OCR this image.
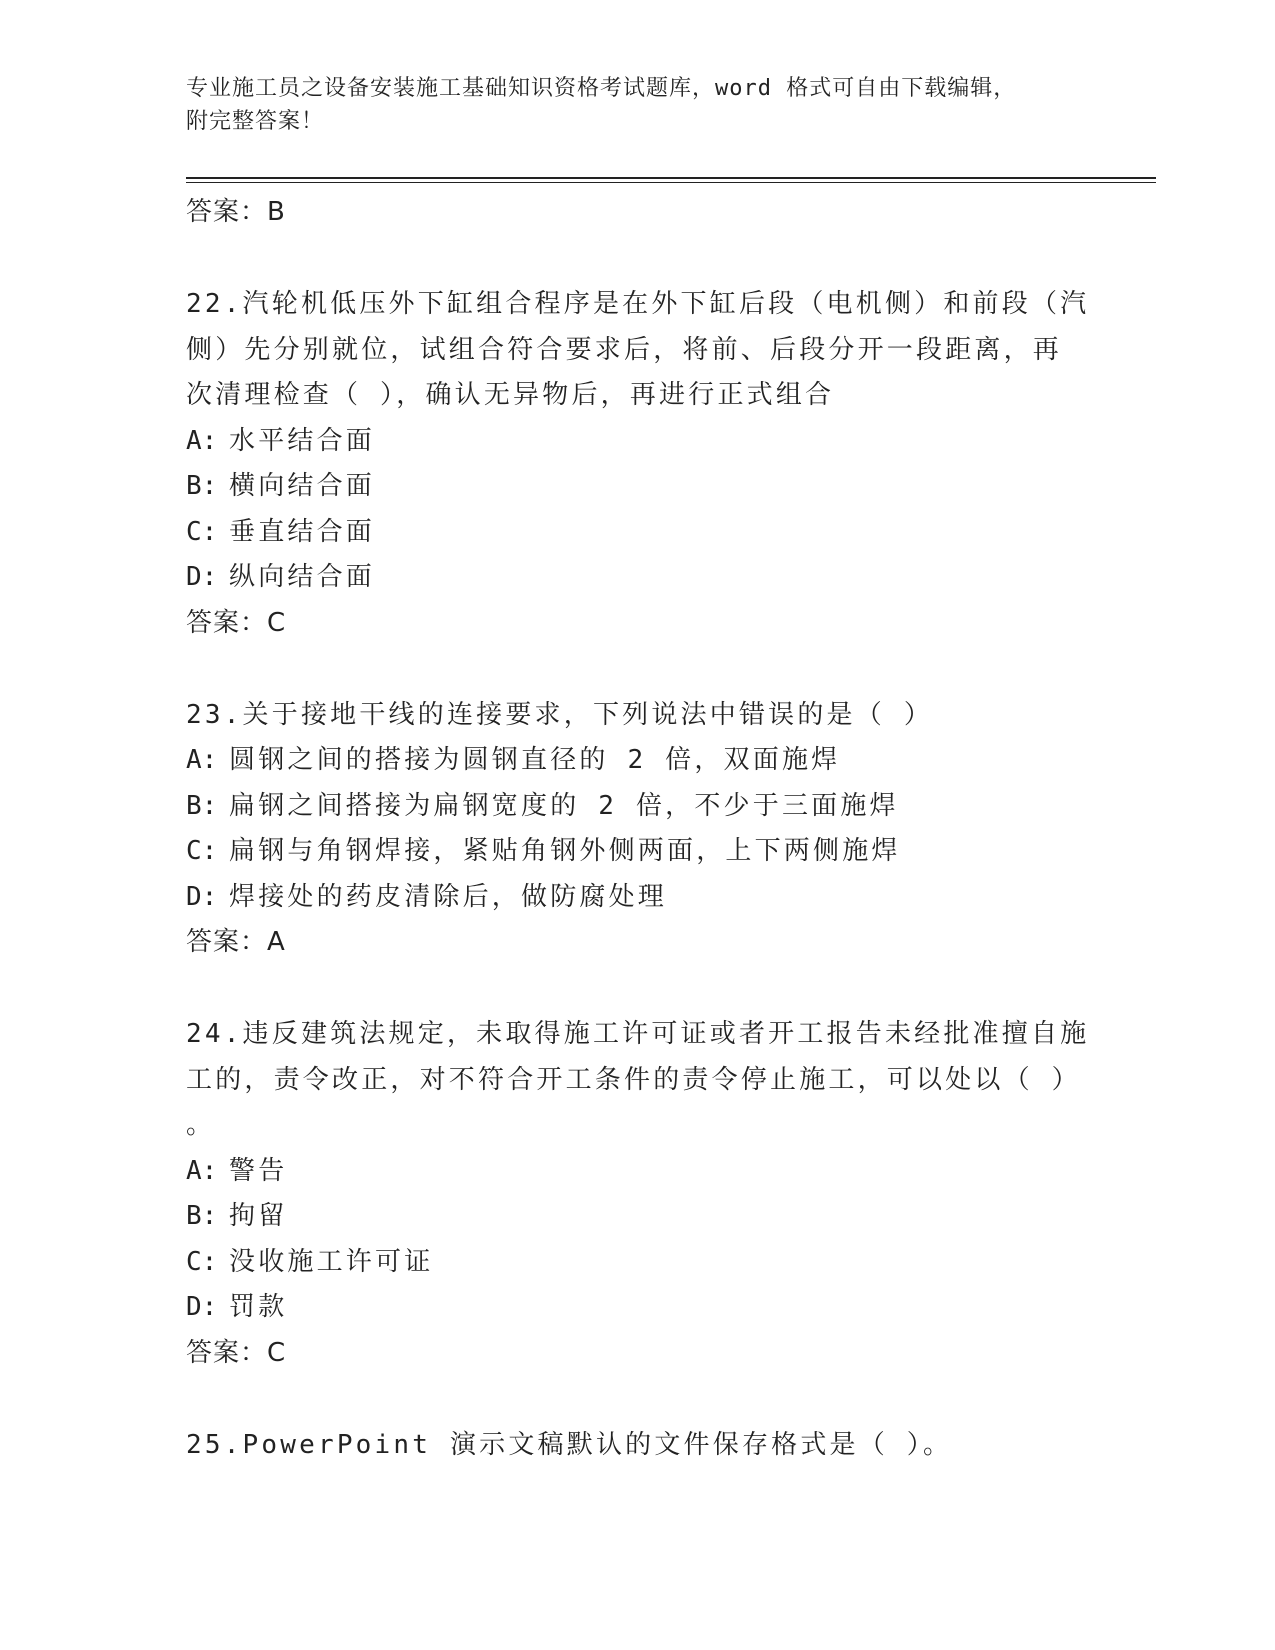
专业施工员之设备安装施工基础知识资格考试题库，word 格式可自由下载编辑，
附完整答案！
答案：B
22.汽轮机低压外下缸组合程序是在外下缸后段（电机侧）和前段（汽
侧）先分别就位，试组合符合要求后，将前、后段分开一段距离，再
次清理检查（ ），确认无异物后，再进行正式组合
A: 水平结合面
B: 横向结合面
C: 垂直结合面
D: 纵向结合面
答案：C
23.关于接地干线的连接要求，下列说法中错误的是（ ）
A: 圆钢之间的搭接为圆钢直径的 2 倍，双面施焊
B: 扁钢之间搭接为扁钢宽度的 2 倍，不少于三面施焊
C: 扁钢与角钢焊接，紧贴角钢外侧两面，上下两侧施焊
D: 焊接处的药皮清除后，做防腐处理
答案：A
24.违反建筑法规定，未取得施工许可证或者开工报告未经批准擅自施
工的，责令改正，对不符合开工条件的责令停止施工，可以处以（ ）
。
A: 警告
B: 拘留
C: 没收施工许可证
D: 罚款
答案：C
25.PowerPoint 演示文稿默认的文件保存格式是（ ）。
